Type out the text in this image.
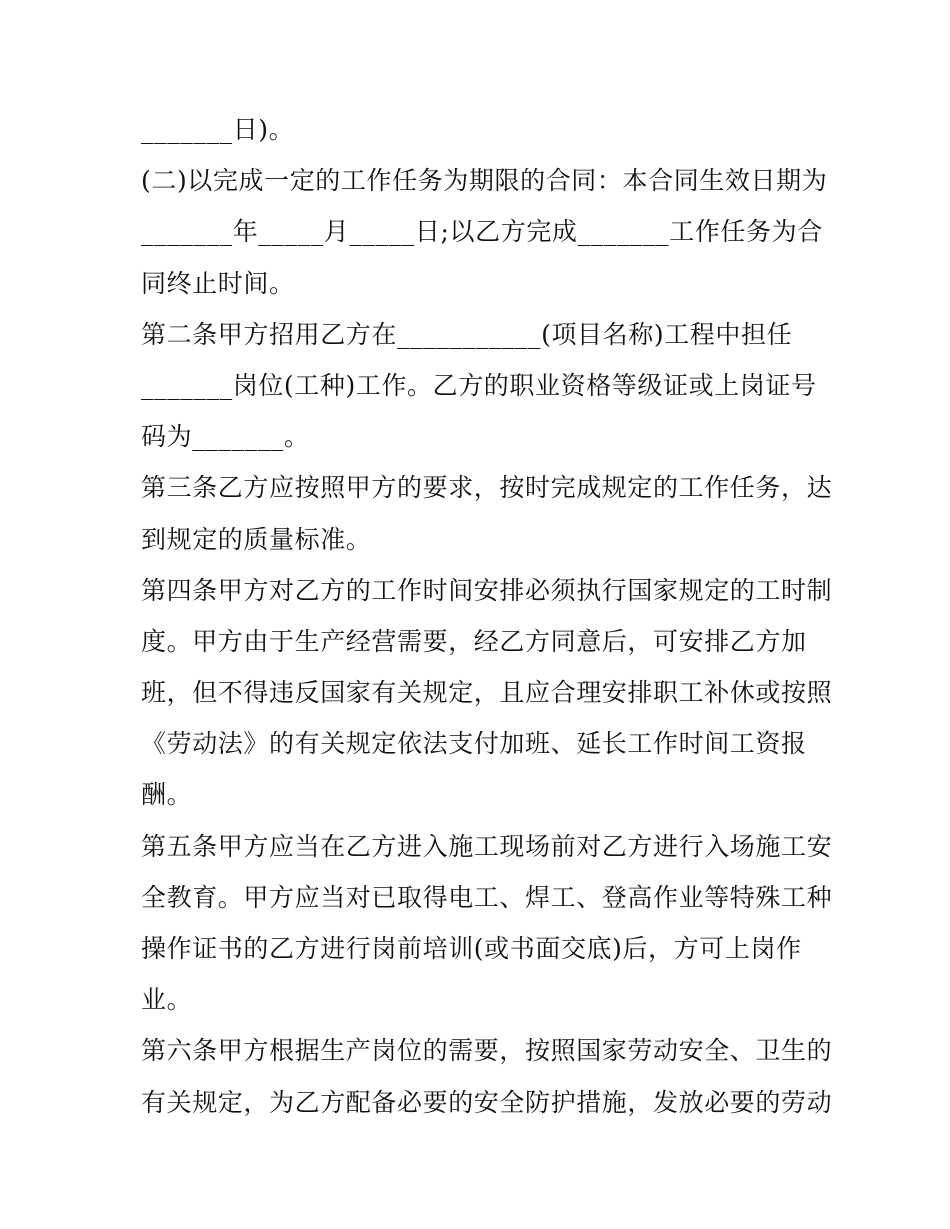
_______日)。
(二)以完成一定的工作任务为期限的合同：本合同生效日期为
_______年_____月_____日;以乙方完成_______工作任务为合
同终止时间。
第二条甲方招用乙方在___________(项目名称)工程中担任
_______岗位(工种)工作。乙方的职业资格等级证或上岗证号
码为_______。
第三条乙方应按照甲方的要求，按时完成规定的工作任务，达
到规定的质量标准。
第四条甲方对乙方的工作时间安排必须执行国家规定的工时制
度。甲方由于生产经营需要，经乙方同意后，可安排乙方加
班，但不得违反国家有关规定，且应合理安排职工补休或按照
《劳动法》的有关规定依法支付加班、延长工作时间工资报
酬。
第五条甲方应当在乙方进入施工现场前对乙方进行入场施工安
全教育。甲方应当对已取得电工、焊工、登高作业等特殊工种
操作证书的乙方进行岗前培训(或书面交底)后，方可上岗作
业。
第六条甲方根据生产岗位的需要，按照国家劳动安全、卫生的
有关规定，为乙方配备必要的安全防护措施，发放必要的劳动
